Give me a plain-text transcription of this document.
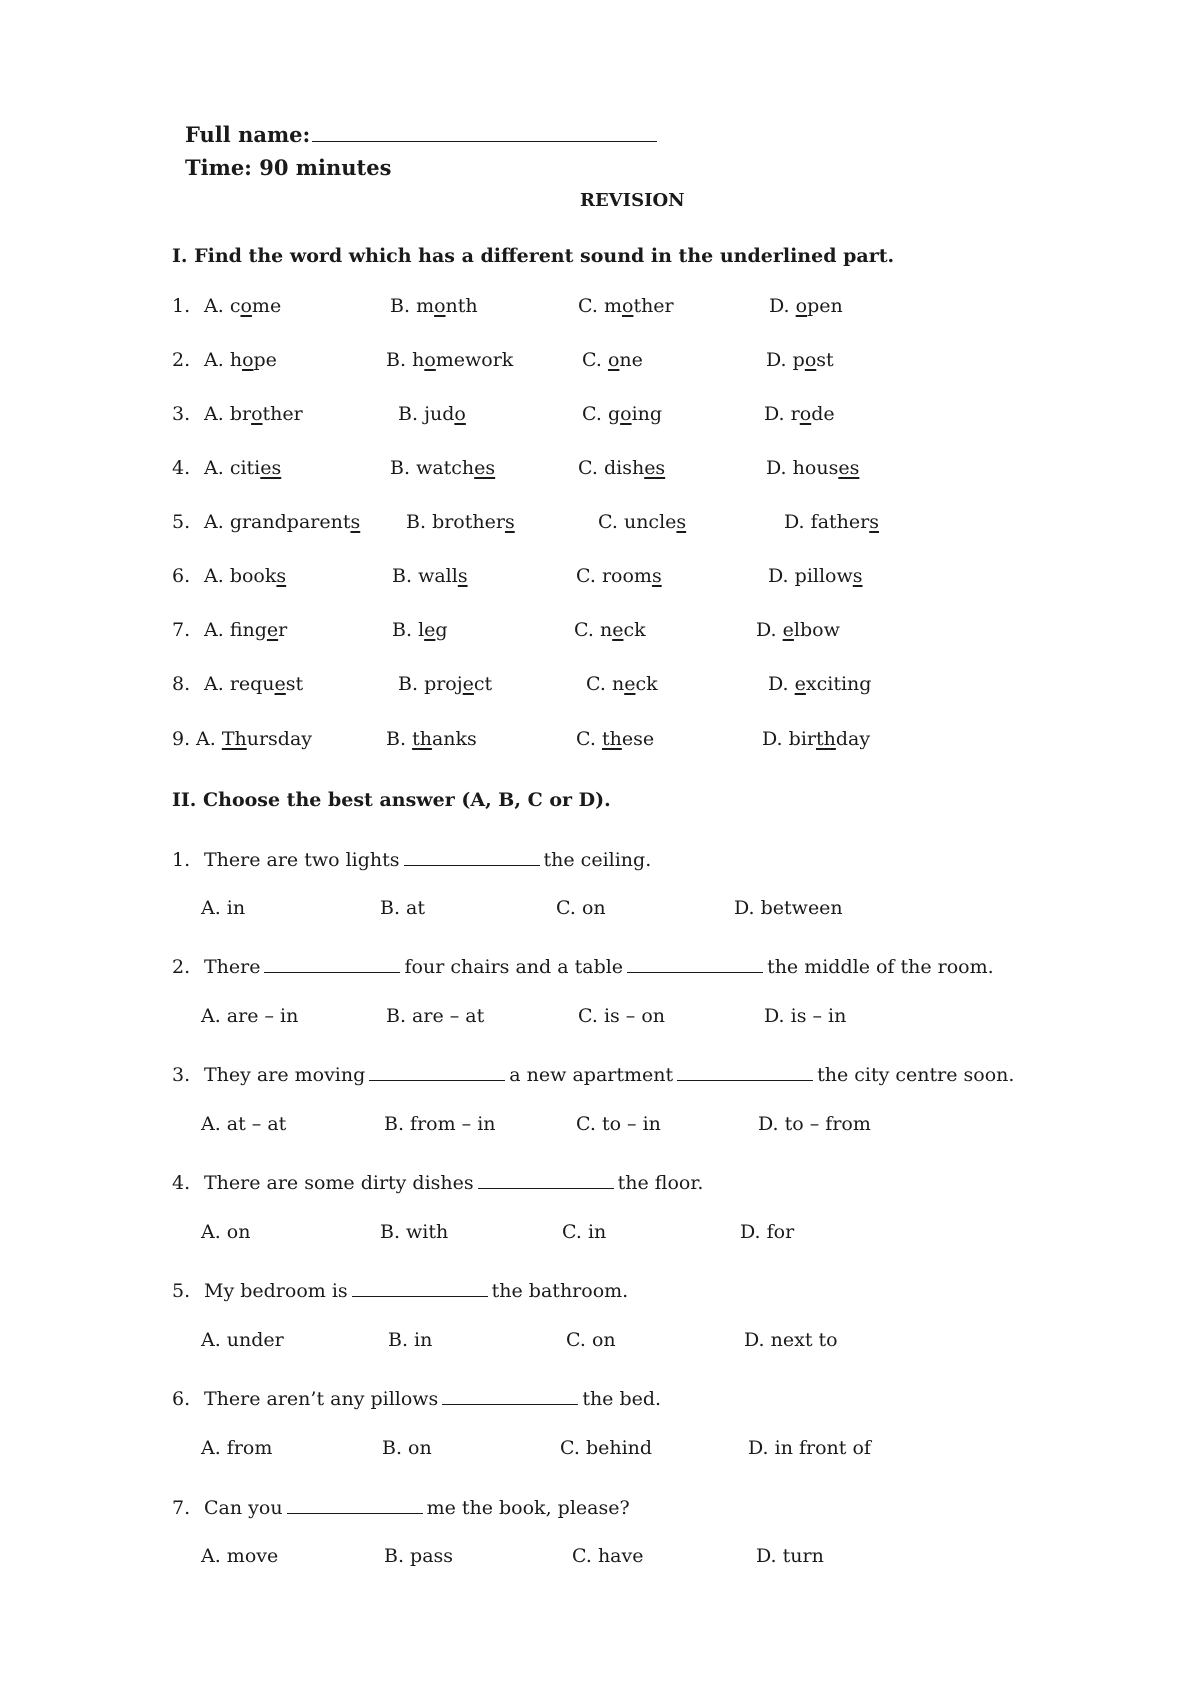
Full name:
Time: 90 minutes
REVISION
I. Find the word which has a different sound in the underlined part.
1. A. come	B. month	C. mother	D. open
2. A. hope	B. homework	C. one	D. post
3. A. brother	B. judo	C. going	D. rode
4. A. cities	B. watches	C. dishes	D. houses
5. A. grandparents B. brothers	C. uncles	D. fathers
6. A. books	B. walls	C. rooms	D. pillows
7. A. finger	B. leg	C. neck	D. elbow
8. A. request	B. project	C. neck	D. exciting
9. A. Thursday	B. thanks	C. these	D. birthday
II. Choose the best answer (A, B, C or D).
1. There are two lights	the ceiling.
A. in	B. at	C. on	D. between
2. There	four chairs and a table	the middle of the room.
A. are – in	B. are – at	C. is – on	D. is – in
3. They are moving	a new apartment	the city centre soon.
A. at – at	B. from – in	C. to – in	D. to – from
4. There are some dirty dishes	the floor.
A. on	B. with	C. in	D. for
5. My bedroom is	the bathroom.
A. under	B. in	C. on	D. next to
6. There aren’t any pillows	the bed.
A. from	B. on	C. behind	D. in front of
7. Can you	me the book, please?
A. move	B. pass	C. have	D. turn
